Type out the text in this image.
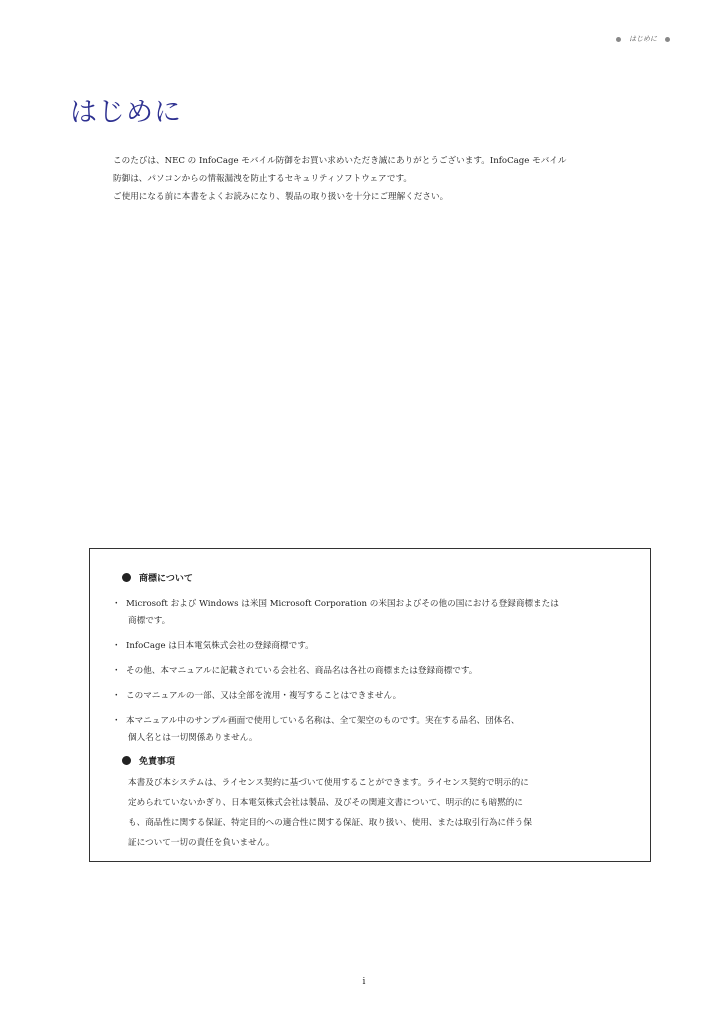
はじめに
はじめに

このたびは、NEC の InfoCage モバイル防御をお買い求めいただき誠にありがとうございます。InfoCage モバイル

防御は、パソコンからの情報漏洩を防止するセキュリティソフトウェアです。

ご使用になる前に本書をよくお読みになり、製品の取り扱いを十分にご理解ください。

商標について
・ Microsoft および Windows は米国 Microsoft Corporation の米国およびその他の国における登録商標または
商標です。
・ InfoCage は日本電気株式会社の登録商標です。
・ その他、本マニュアルに記載されている会社名、商品名は各社の商標または登録商標です。
・ このマニュアルの一部、又は全部を流用・複写することはできません。
・ 本マニュアル中のサンプル画面で使用している名称は、全て架空のものです。実在する品名、団体名、
個人名とは一切関係ありません。
免責事項

本書及び本システムは、ライセンス契約に基づいて使用することができます。ライセンス契約で明示的に

定められていないかぎり、日本電気株式会社は製品、及びその関連文書について、明示的にも暗黙的に

も、商品性に関する保証、特定目的への適合性に関する保証、取り扱い、使用、または取引行為に伴う保

証について一切の責任を負いません。

i
